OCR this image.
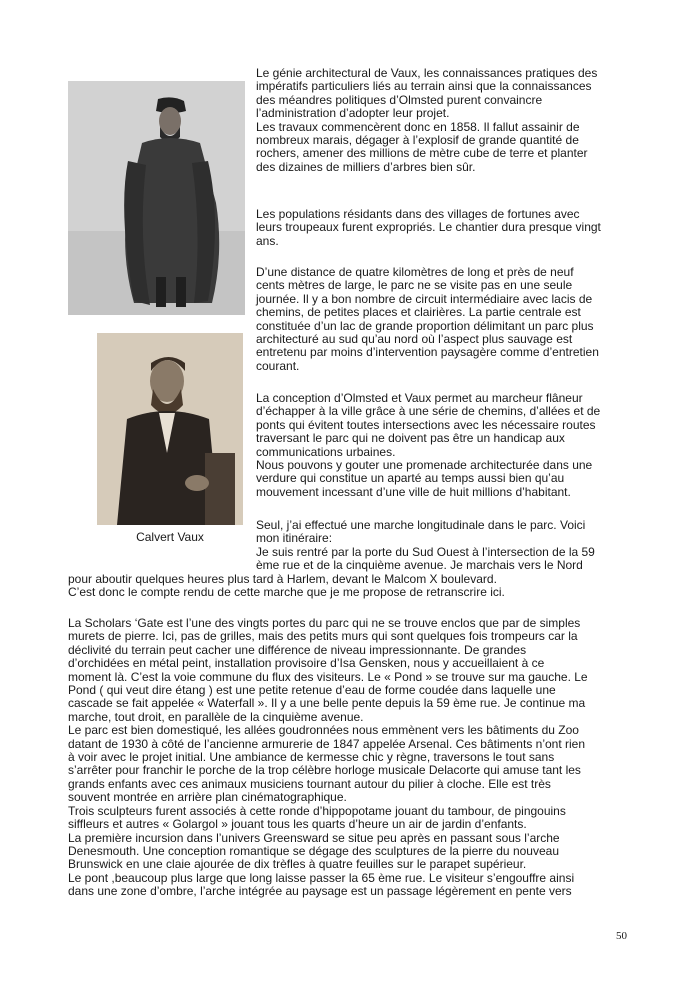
Calvert Vaux

Le génie architectural de Vaux, les connaissances pratiques des

impératifs particuliers liés au terrain ainsi que la connaissances

des méandres politiques d’Olmsted purent convaincre

l’administration d’adopter leur projet.

Les travaux commencèrent donc en 1858. Il fallut assainir de

nombreux marais, dégager à l’explosif de grande quantité de

rochers, amener des millions de mètre cube de terre et planter

des dizaines de milliers d’arbres bien sûr.

Les populations résidants dans des villages de fortunes avec

leurs troupeaux furent expropriés. Le chantier dura presque vingt

ans.

D’une distance de quatre kilomètres de long et près de neuf

cents mètres de large, le parc ne se visite pas en une seule

journée. Il y a bon nombre de circuit intermédiaire avec lacis de

chemins, de petites places et clairières. La partie centrale est

constituée d’un lac de grande proportion délimitant un parc plus

architecturé au sud qu’au nord où l’aspect plus sauvage est

entretenu par moins d’intervention paysagère comme d’entretien

courant.

La conception d’Olmsted et Vaux permet au marcheur flâneur

d’échapper à la ville grâce à une série de chemins, d’allées et de

ponts qui évitent toutes intersections avec les nécessaire routes

traversant le parc qui ne doivent pas être un handicap aux

communications urbaines.

Nous pouvons y gouter une promenade architecturée dans une

verdure qui constitue un aparté au temps aussi bien qu’au

mouvement incessant d’une ville de huit millions d’habitant.

Seul, j’ai effectué une marche longitudinale dans le parc. Voici

mon itinéraire:

Je suis rentré par la porte du Sud Ouest à l’intersection de la 59

ème rue et de la cinquième avenue. Je marchais vers le Nord

pour aboutir quelques heures plus tard à Harlem, devant le Malcom X boulevard.

C’est donc le compte rendu de cette marche que je me propose de retranscrire ici.

La Scholars ‘Gate est l’une des vingts portes du parc qui ne se trouve enclos que par de simples

murets de pierre. Ici, pas de grilles, mais des petits murs qui sont quelques fois trompeurs car la

déclivité du terrain peut cacher une différence de niveau impressionnante. De grandes

d’orchidées en métal peint, installation provisoire d’Isa Gensken, nous y accueillaient à ce

moment là. C’est la voie commune du flux des visiteurs. Le « Pond » se trouve sur ma gauche. Le

Pond ( qui veut dire étang ) est une petite retenue d’eau de forme coudée dans laquelle une

cascade se fait appelée « Waterfall ». Il y a une belle pente depuis la 59 ème rue. Je continue ma

marche, tout droit, en parallèle de la cinquième avenue.

Le parc est bien domestiqué, les allées goudronnées nous emmènent vers les bâtiments du Zoo

datant de 1930 à côté de l’ancienne armurerie de 1847 appelée Arsenal. Ces bâtiments n’ont rien

à voir avec le projet initial. Une ambiance de kermesse chic y règne, traversons le tout sans

s’arrêter pour franchir le porche de la trop célèbre horloge musicale Delacorte qui amuse tant les

grands enfants avec ces animaux musiciens tournant autour du pilier à cloche. Elle est très

souvent montrée en arrière plan cinématographique.

Trois sculpteurs furent associés à cette ronde d’hippopotame jouant du tambour, de pingouins

siffleurs et autres « Golargol » jouant tous les quarts d’heure un air de jardin d’enfants.

La première incursion dans l’univers Greensward se situe peu après en passant sous l’arche

Denesmouth. Une conception romantique se dégage des sculptures de la pierre du nouveau

Brunswick en une claie ajourée de dix trèfles à quatre feuilles sur le parapet supérieur.

Le pont ,beaucoup plus large que long laisse passer la 65 ème rue. Le visiteur s’engouffre ainsi

dans une zone d’ombre, l’arche intégrée au paysage est un passage légèrement en pente vers

50
